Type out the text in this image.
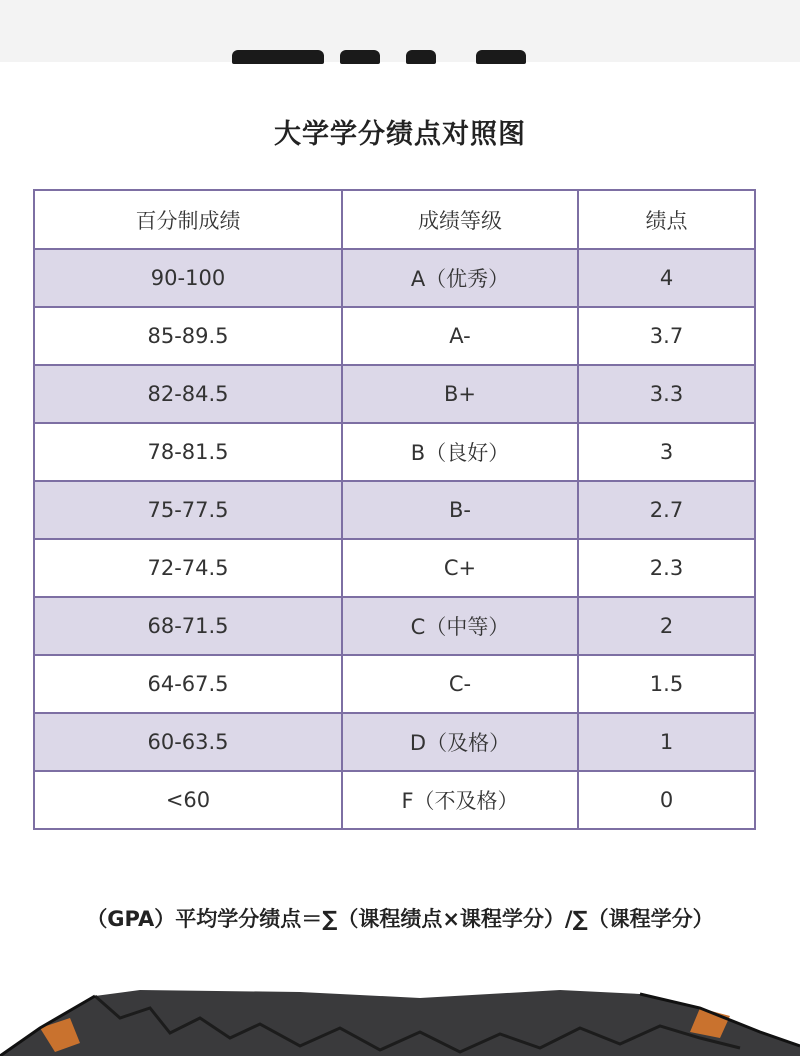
大学学分绩点对照图
百分制成绩	成绩等级	绩点
90-100	A（优秀）	4
85-89.5	A-	3.7
82-84.5	B+	3.3
78-81.5	B（良好）	3
75-77.5	B-	2.7
72-74.5	C+	2.3
68-71.5	C（中等）	2
64-67.5	C-	1.5
60-63.5	D（及格）	1
<60	F（不及格）	0
（GPA）平均学分绩点＝∑（课程绩点×课程学分）/∑（课程学分）
